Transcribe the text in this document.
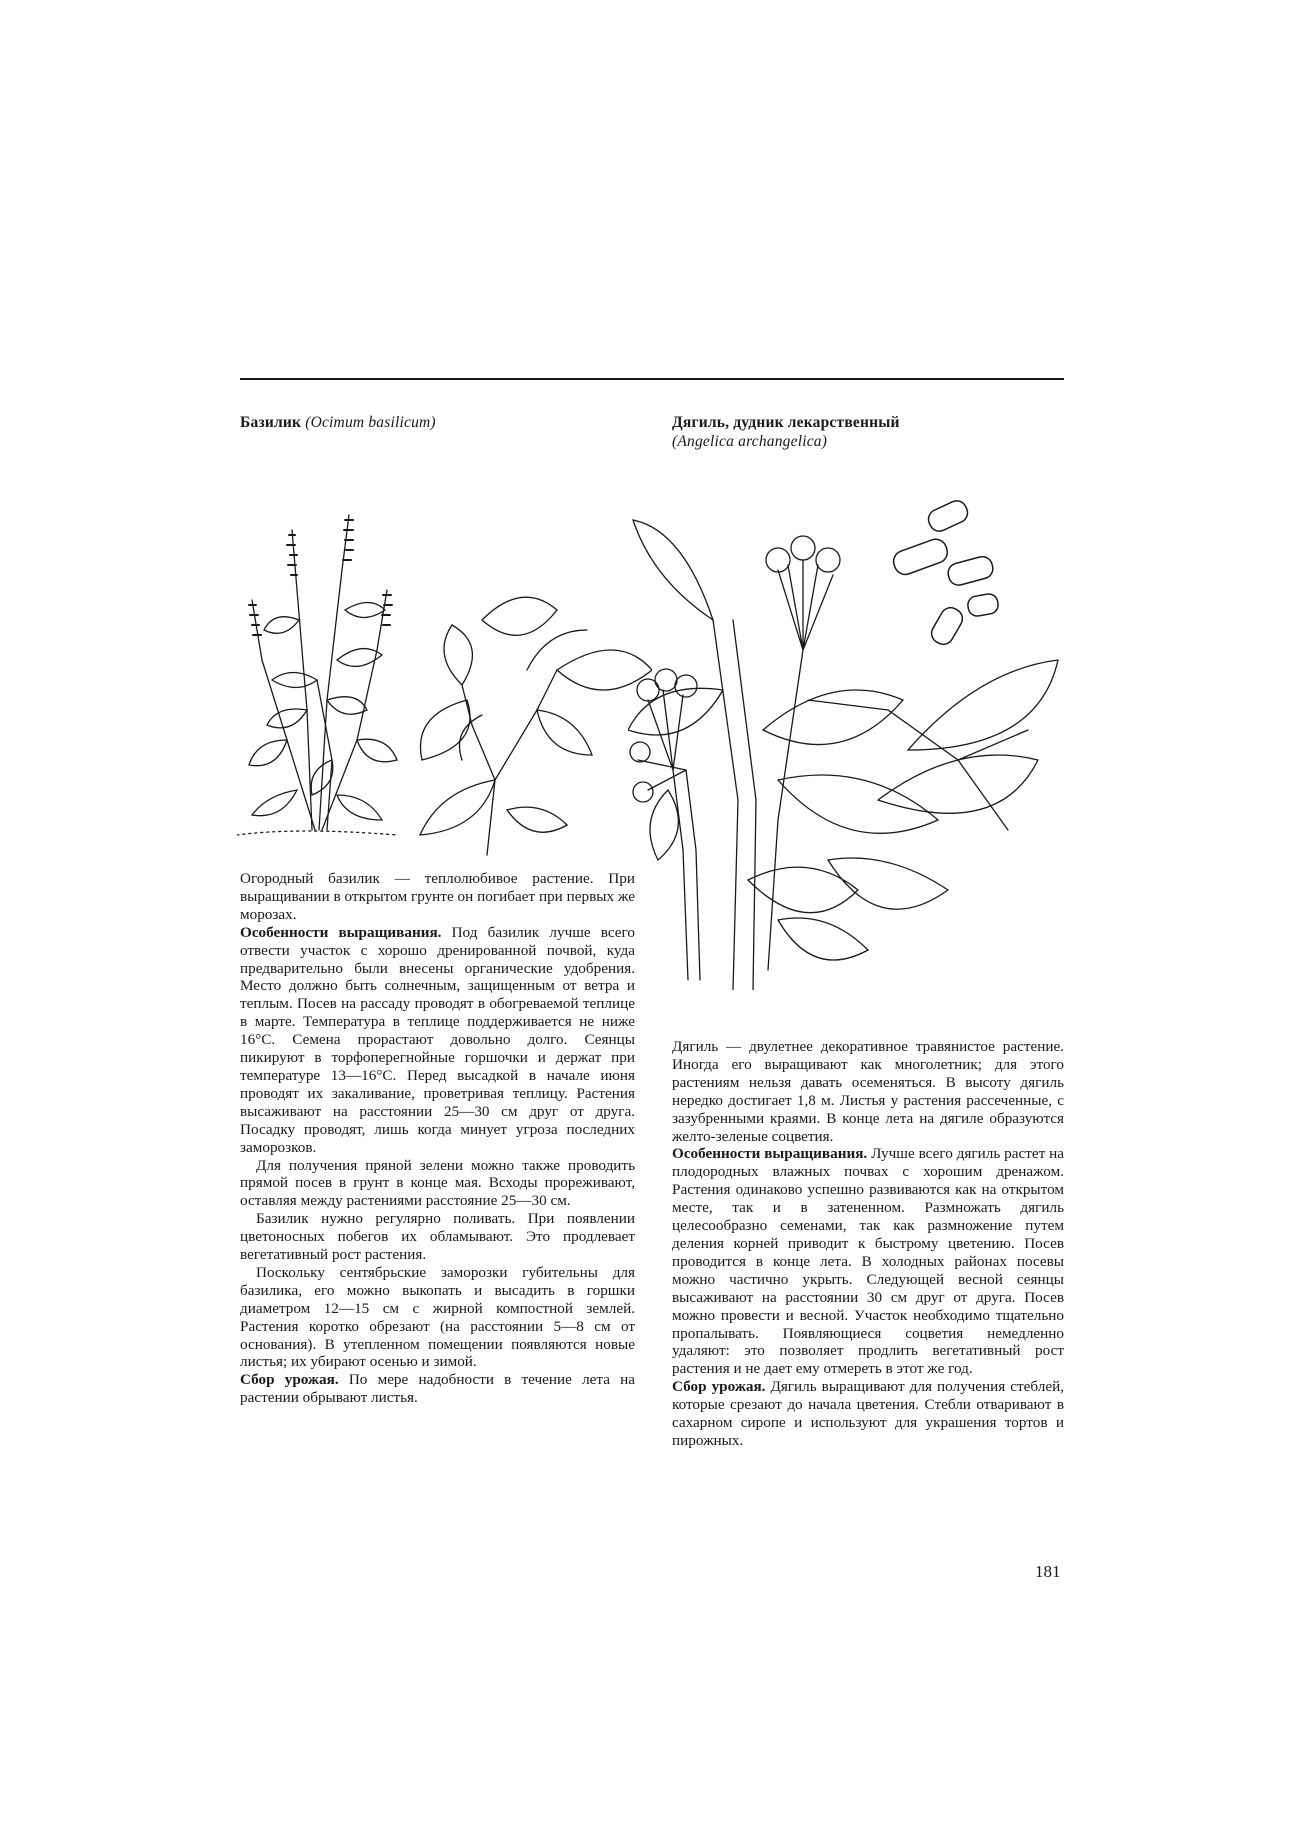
Базилик (Ocimum basilicum)	Дягиль, дудник лекарственный
(Angelica archangelica)

Огородный базилик — теплолюбивое растение. При выращивании в открытом грунте он погибает при первых же морозах.

Особенности выращивания. Под базилик лучше всего отвести участок с хорошо дренированной почвой, куда предварительно были внесены органические удобрения. Место должно быть солнечным, защищенным от ветра и теплым. Посев на рассаду проводят в обогреваемой теплице в марте. Температура в теплице поддерживается не ниже 16°С. Семена прорастают довольно долго. Сеянцы пикируют в торфоперегнойные горшочки и держат при температуре 13—16°С. Перед высадкой в начале июня проводят их закаливание, проветривая теплицу. Растения высаживают на расстоянии 25—30 см друг от друга. Посадку проводят, лишь когда минует угроза последних заморозков.

Для получения пряной зелени можно также проводить прямой посев в грунт в конце мая. Всходы прореживают, оставляя между растениями расстояние 25—30 см.

Базилик нужно регулярно поливать. При появлении цветоносных побегов их обламывают. Это продлевает вегетативный рост растения.

Поскольку сентябрьские заморозки губительны для базилика, его можно выкопать и высадить в горшки диаметром 12—15 см с жирной компостной землей. Растения коротко обрезают (на расстоянии 5—8 см от основания). В утепленном помещении появляются новые листья; их убирают осенью и зимой.

Сбор урожая. По мере надобности в течение лета на растении обрывают листья.

Дягиль — двулетнее декоративное травянистое растение. Иногда его выращивают как многолетник; для этого растениям нельзя давать осеменяться. В высоту дягиль нередко достигает 1,8 м. Листья у растения рассеченные, с зазубренными краями. В конце лета на дягиле образуются желто-зеленые соцветия.

Особенности выращивания. Лучше всего дягиль растет на плодородных влажных почвах с хорошим дренажом. Растения одинаково успешно развиваются как на открытом месте, так и в затененном. Размножать дягиль целесообразно семенами, так как размножение путем деления корней приводит к быстрому цветению. Посев проводится в конце лета. В холодных районах посевы можно частично укрыть. Следующей весной сеянцы высаживают на расстоянии 30 см друг от друга. Посев можно провести и весной. Участок необходимо тщательно пропалывать. Появляющиеся соцветия немедленно удаляют: это позволяет продлить вегетативный рост растения и не дает ему отмереть в этот же год.

Сбор урожая. Дягиль выращивают для получения стеблей, которые срезают до начала цветения. Стебли отваривают в сахарном сиропе и используют для украшения тортов и пирожных.

181
